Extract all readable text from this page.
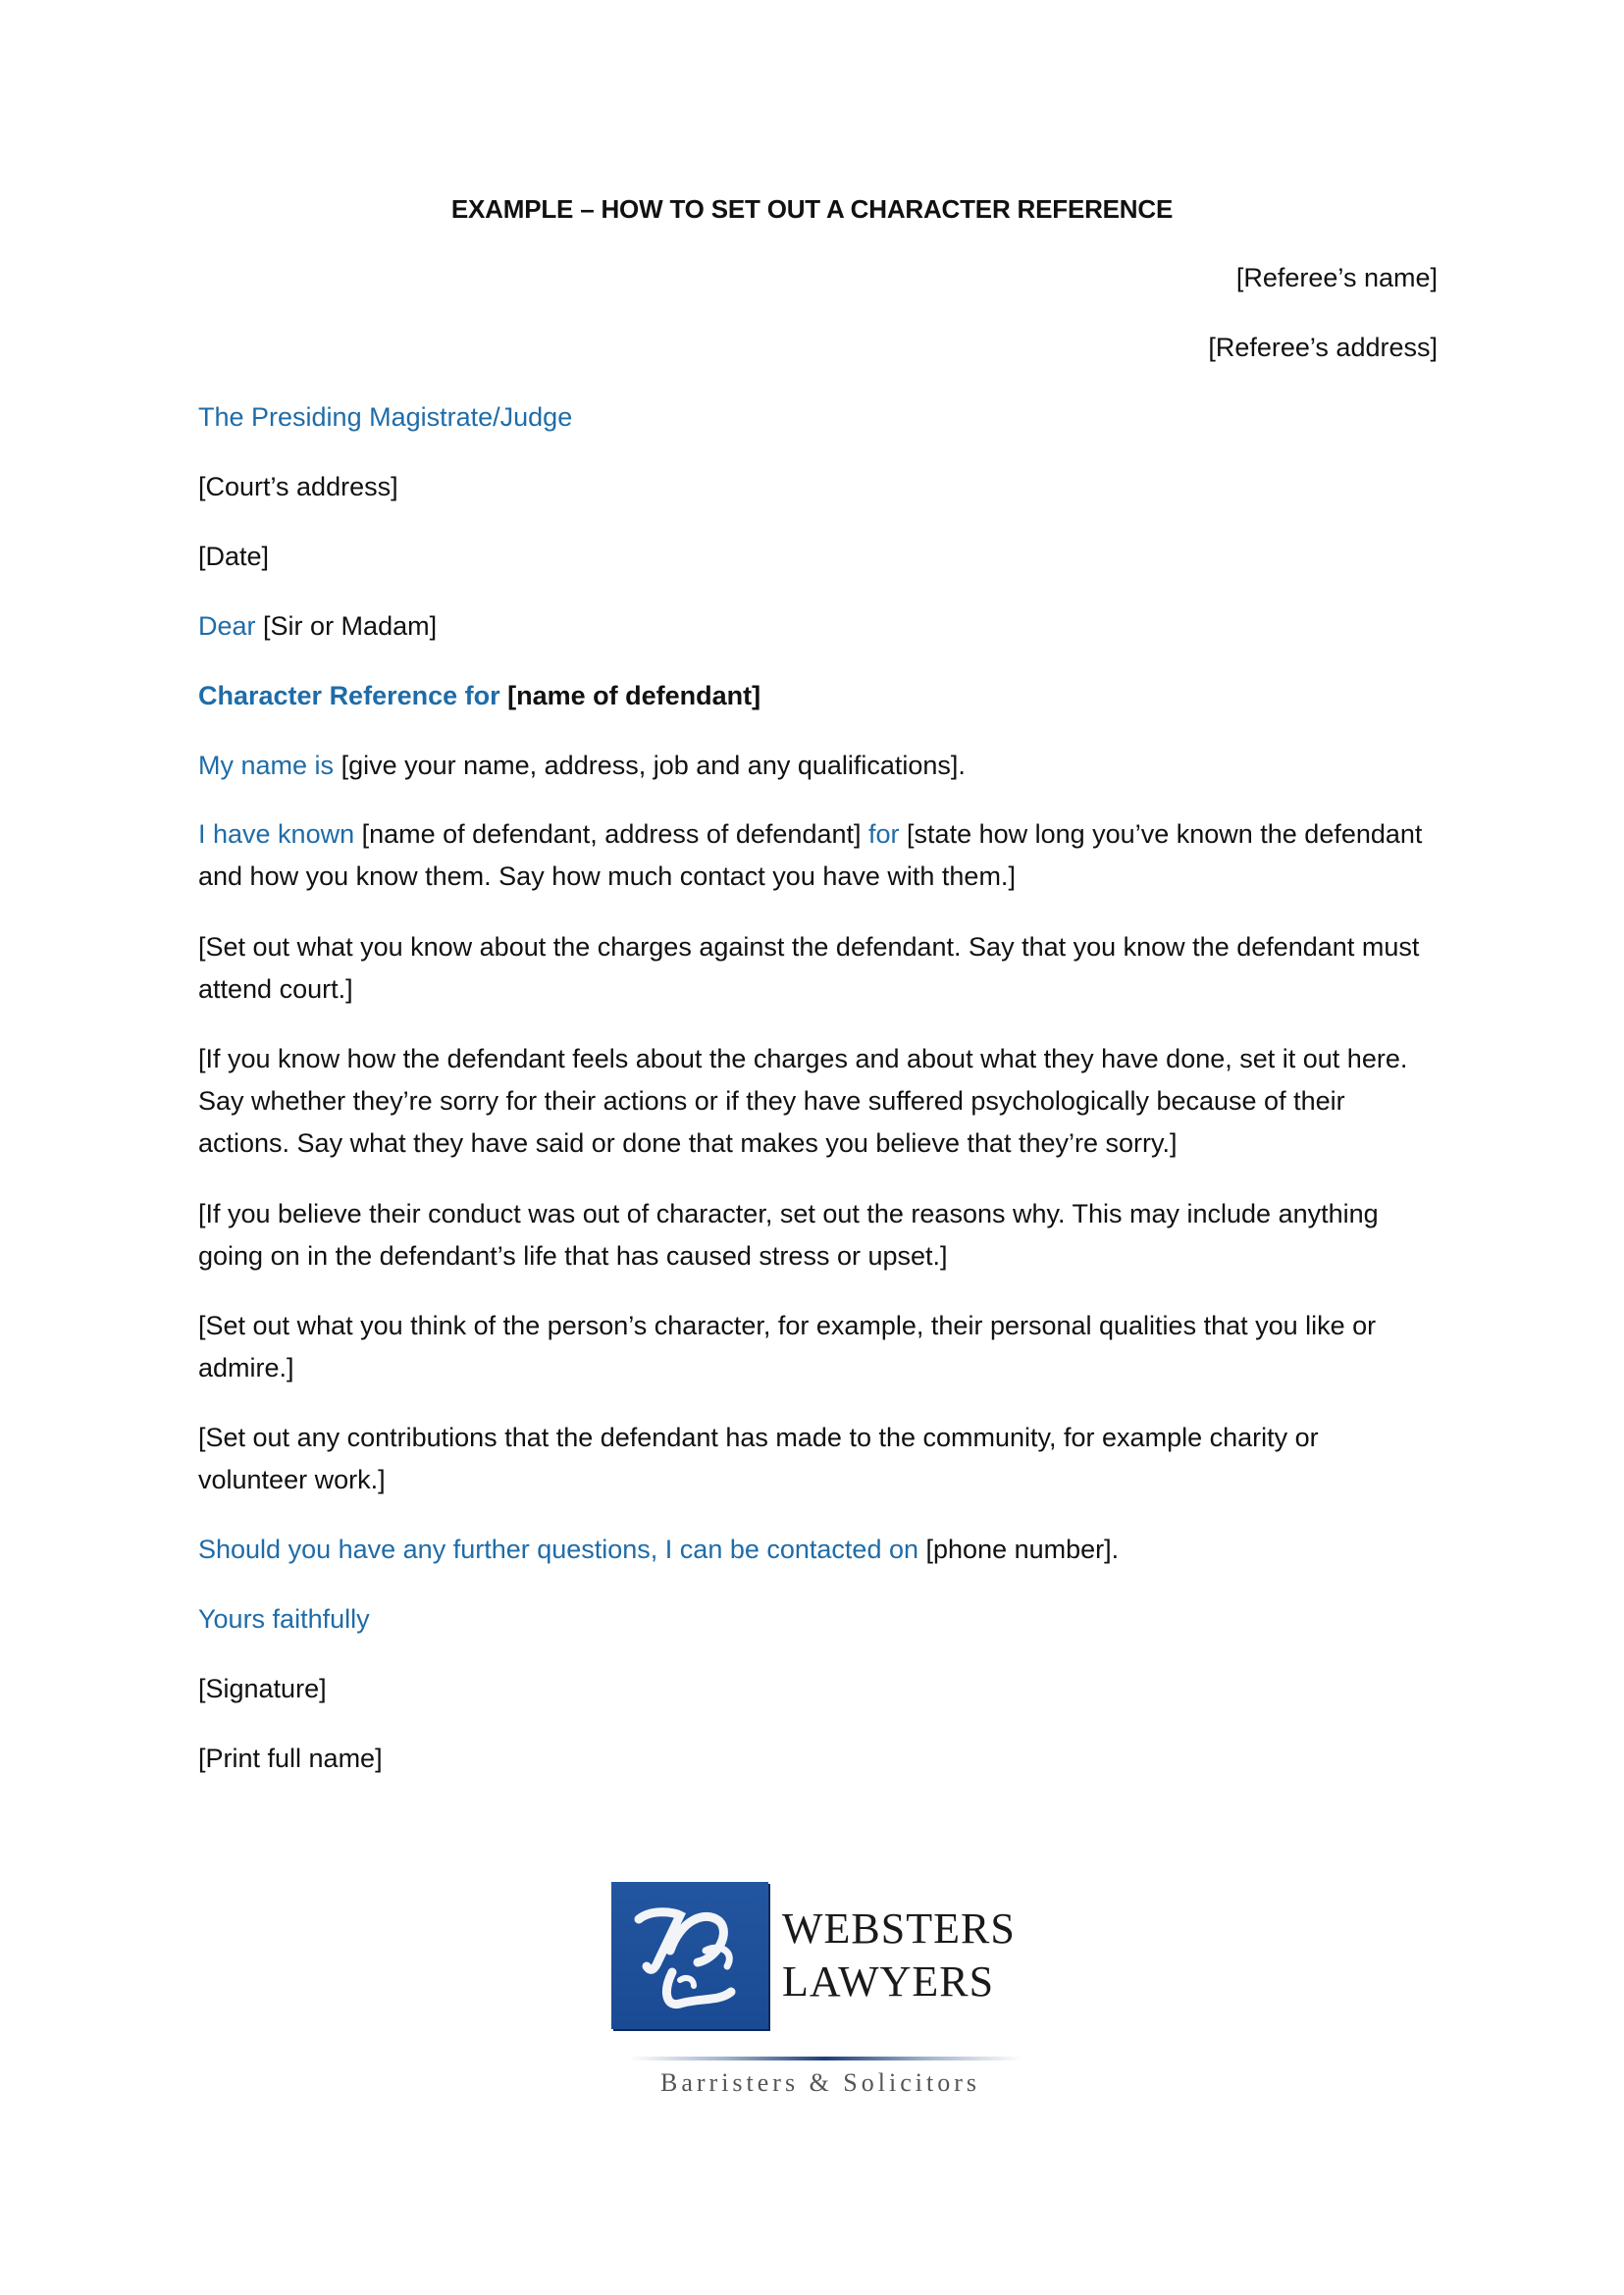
EXAMPLE – HOW TO SET OUT A CHARACTER REFERENCE
[Referee’s name]
[Referee’s address]
The Presiding Magistrate/Judge
[Court’s address]
[Date]
Dear [Sir or Madam]
Character Reference for [name of defendant]
My name is [give your name, address, job and any qualifications].
I have known [name of defendant, address of defendant] for [state how long you’ve known the defendant and how you know them. Say how much contact you have with them.]
[Set out what you know about the charges against the defendant. Say that you know the defendant must attend court.]
[If you know how the defendant feels about the charges and about what they have done, set it out here. Say whether they’re sorry for their actions or if they have suffered psychologically because of their actions. Say what they have said or done that makes you believe that they’re sorry.]
[If you believe their conduct was out of character, set out the reasons why. This may include anything going on in the defendant’s life that has caused stress or upset.]
[Set out what you think of the person’s character, for example, their personal qualities that you like or admire.]
[Set out any contributions that the defendant has made to the community, for example charity or volunteer work.]
Should you have any further questions, I can be contacted on [phone number].
Yours faithfully
[Signature]
[Print full name]
WEBSTERS
LAWYERS
Barristers & Solicitors
